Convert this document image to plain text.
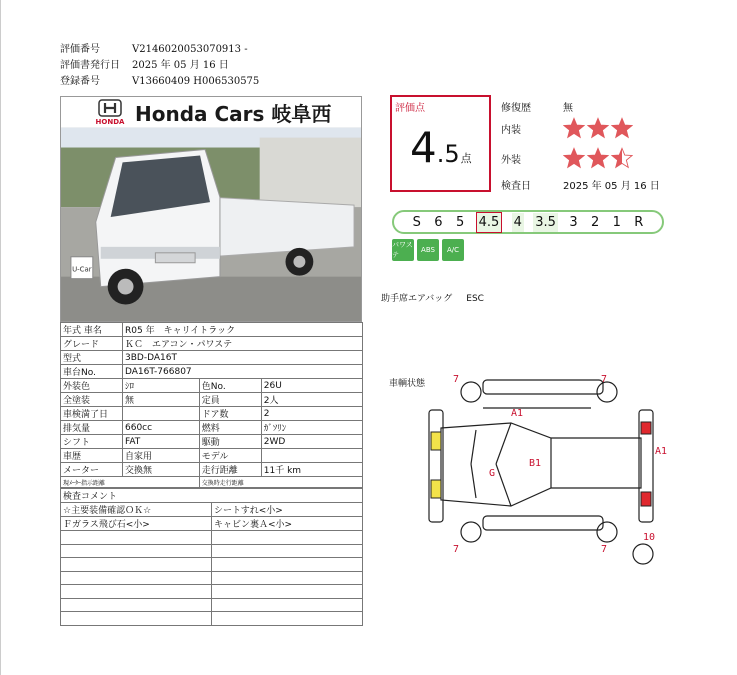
評価番号	V2146020053070913 -
評価書発行日	2025 年 05 月 16 日
登録番号	V13660409 H006530575
HONDA Honda Cars 岐阜西
U-Car
年式 車名	R05 年　キャリイトラック		
グレード	ＫＣ　エアコン・パワステ		
型式	3BD-DA16T		
車台No.	DA16T-766807		
外装色	ｼﾛ	色No.	26U
全塗装	無	定員	2人
車検満了日		ドア数	2
排気量	660cc	燃料	ｶﾞｿﾘﾝ
シフト	FAT	駆動	2WD
車歴	自家用	モデル	
メーター	交換無	走行距離	11千 km
現ﾒｰﾀｰ指示距離		交換時走行距離	
検査コメント	
☆主要装備確認ＯＫ☆	シートすれ<小>
Ｆガラス飛び石<小>	キャビン裏Ａ<小>

評価点
4.5点
修復歴	無
内装
外装
検査日	2025 年 05 月 16 日
S 6 5 4.5 4 3.5 3 2 1 R
パワステ
ABS	A/C
助手席エアバッグ ESC
車輌状態	7	7
A1
A1
B1
G
7	7
10
